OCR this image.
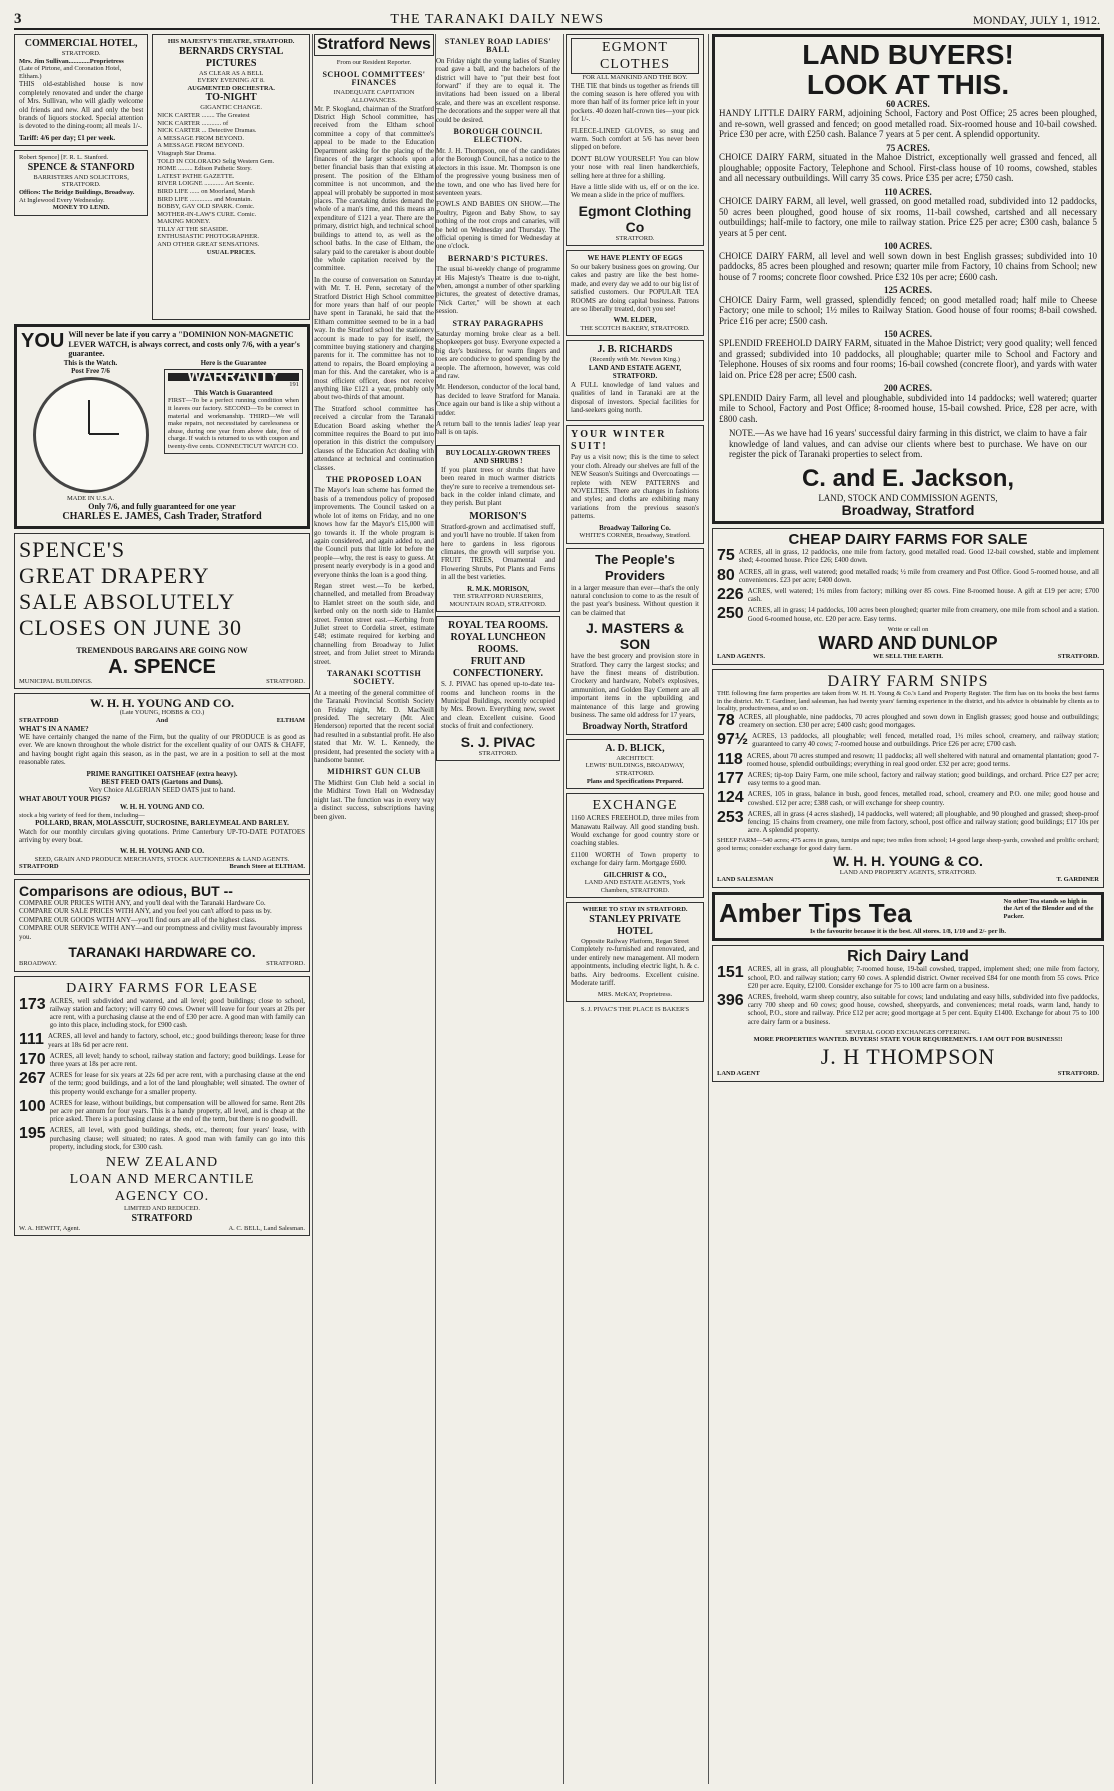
3	THE TARANAKI DAILY NEWS	MONDAY, JULY 1, 1912.
COMMERCIAL HOTEL,
STRATFORD.
Mrs. Jim Sullivan.............Proprietress
(Late of Pirtone, and Coronation Hotel, Eltham.)

THIS old-established house is now completely renovated and under the charge of Mrs. Sullivan, who will gladly welcome old friends and new. All and only the best brands of liquors stocked. Special attention is devoted to the dining-room; all meals 1/-.

Tariff: 4/6 per day; £1 per week.
Robert Spence] [F. R. L. Stanford.
SPENCE & STANFORD
BARRISTERS AND SOLICITORS, STRATFORD.
Offices: The Bridge Buildings, Broadway.
At Inglewood Every Wednesday.
MONEY TO LEND.
HIS MAJESTY'S THEATRE, STRATFORD.
BERNARDS CRYSTAL PICTURES
AS CLEAR AS A BELL
EVERY EVENING AT 8.
AUGMENTED ORCHESTRA.
TO-NIGHT
GIGANTIC CHANGE.
NICK CARTER ........ The Greatest
NICK CARTER ............ of
NICK CARTER ... Detective Dramas.
A MESSAGE FROM BEYOND.
A MESSAGE FROM BEYOND.
Vitagraph Star Drama.
TOLD IN COLORADO Selig Western Gem.
HOME ......... Edison Pathetic Story.
LATEST PATHE GAZETTE.
RIVER LOIGNE ............ Art Scenic.
BIRD LIFE ...... on Moorland, Marsh
BIRD LIFE .............. and Mountain.
BOBBY, GAY OLD SPARK. Comic.
MOTHER-IN-LAW'S CURE. Comic.
MAKING MONEY.
TILLY AT THE SEASIDE.
ENTHUSIASTIC PHOTOGRAPHER.
AND OTHER GREAT SENSATIONS.
USUAL PRICES.
YOU Will never be late if you carry a "DOMINION NON-MAGNETIC LEVER WATCH, is always correct, and costs only 7/6, with a year's guarantee.
This is the Watch.
Post Free 7/6
MADE IN U.S.A.
Here is the Guarantee
WARRANTY	191
This Watch is Guaranteed
FIRST—To be a perfect running condition when it leaves our factory. SECOND—To be correct in material and workmanship. THIRD—We will make repairs, not necessitated by carelessness or abuse, during one year from above date, free of charge. If watch is returned to us with coupon and twenty-five cents. CONNECTICUT WATCH CO.
Only 7/6, and fully guaranteed for one year
CHARLES E. JAMES, Cash Trader, Stratford
SPENCE'S
GREAT DRAPERY
SALE ABSOLUTELY
CLOSES ON JUNE 30
TREMENDOUS BARGAINS ARE GOING NOW
A. SPENCE
MUNICIPAL BUILDINGS.	STRATFORD.
W. H. H. YOUNG AND CO.
(Late YOUNG, HOBBS & CO.)
STRATFORD	And	ELTHAM
WHAT'S IN A NAME?

WE have certainly changed the name of the Firm, but the quality of our PRODUCE is as good as ever. We are known throughout the whole district for the excellent quality of our OATS & CHAFF, and having bought right again this season, as in the past, we are in a position to sell at the most reasonable rates.

PRIME RANGITIKEI OATSHEAF (extra heavy).
BEST FEED OATS (Gartons and Duns).
Very Choice ALGERIAN SEED OATS just to hand.
WHAT ABOUT YOUR PIGS?
W. H. H. YOUNG AND CO.
stock a big variety of feed for them, including—
POLLARD, BRAN, MOLASSCUIT, SUCROSINE, BARLEYMEAL AND BARLEY.

Watch for our monthly circulars giving quotations. Prime Canterbury UP-TO-DATE POTATOES arriving by every boat.

W. H. H. YOUNG AND CO.
SEED, GRAIN AND PRODUCE MERCHANTS, STOCK AUCTIONEERS & LAND AGENTS.
STRATFORD	Branch Store at ELTHAM.
Comparisons are odious, BUT --
COMPARE OUR PRICES WITH ANY, and you'll deal with the Taranaki Hardware Co.
COMPARE OUR SALE PRICES WITH ANY, and you feel you can't afford to pass us by.
COMPARE OUR GOODS WITH ANY—you'll find ours are all of the highest class.
COMPARE OUR SERVICE WITH ANY—and our promptness and civility must favourably impress you.
TARANAKI HARDWARE CO.
BROADWAY.	STRATFORD.
DAIRY FARMS FOR LEASE
173 ACRES, well subdivided and watered, and all level; good buildings; close to school, railway station and factory; will carry 60 cows. Owner will leave for four years at 20s per acre rent, with a purchasing clause at the end of £30 per acre. A good man with family can go into this place, including stock, for £900 cash.
111 ACRES, all level and handy to factory, school, etc.; good buildings thereon; lease for three years at 18s 6d per acre rent.
170 ACRES, all level; handy to school, railway station and factory; good buildings. Lease for three years at 18s per acre rent.
267 ACRES for lease for six years at 22s 6d per acre rent, with a purchasing clause at the end of the term; good buildings, and a lot of the land ploughable; well situated. The owner of this property would exchange for a smaller property.
100 ACRES for lease, without buildings, but compensation will be allowed for same. Rent 20s per acre per annum for four years. This is a handy property, all level, and is cheap at the price asked. There is a purchasing clause at the end of the term, but there is no goodwill.
195 ACRES, all level, with good buildings, sheds, etc., thereon; four years' lease, with purchasing clause; well situated; no rates. A good man with family can go into this property, including stock, for £300 cash.
NEW ZEALAND
LOAN AND MERCANTILE
AGENCY CO.
LIMITED AND REDUCED.
STRATFORD
W. A. HEWITT, Agent.	A. C. BELL, Land Salesman.
Stratford News
From our Resident Reporter.
SCHOOL COMMITTEES' FINANCES
INADEQUATE CAPITATION ALLOWANCES.

Mr. P. Skogland, chairman of the Stratford District High School committee, has received from the Eltham school committee a copy of that committee's appeal to be made to the Education Department asking for the placing of the finances of the larger schools upon a better financial basis than that existing at present. The position of the Eltham committee is not uncommon, and the appeal will probably be supported in most places. The caretaking duties demand the whole of a man's time, and this means an expenditure of £121 a year. There are the primary, district high, and technical school buildings to attend to, as well as the school baths. In the case of Eltham, the salary paid to the caretaker is about double the whole capitation received by the committee.

In the course of conversation on Saturday with Mr. T. H. Penn, secretary of the Stratford District High School committee for more years than half of our people have spent in Taranaki, he said that the Eltham committee seemed to be in a bad way. In the Stratford school the stationery account is made to pay for itself, the committee buying stationery and charging parents for it. The committee has not to attend to repairs, the Board employing a man for this. And the caretaker, who is a most efficient officer, does not receive anything like £121 a year, probably only about two-thirds of that amount.

The Stratford school committee has received a circular from the Taranaki Education Board asking whether the committee requires the Board to put into operation in this district the compulsory clauses of the Education Act dealing with attendance at technical and continuation classes.

THE PROPOSED LOAN

The Mayor's loan scheme has formed the basis of a tremendous policy of proposed improvements. The Council tasked on a whole lot of items on Friday, and no one knows how far the Mayor's £15,000 will go towards it. If the whole program is again considered, and again added to, and the Council puts that little lot before the people—why, the rest is easy to guess. At present nearly everybody is in a good and everyone thinks the loan is a good thing.

Regan street west.—To be kerbed, channelled, and metalled from Broadway to Hamlet street on the south side, and kerbed only on the north side to Hamlet street. Fenton street east.—Kerbing from Juliet street to Cordelia street, estimate £48; estimate required for kerbing and channelling from Broadway to Juliet street, and from Juliet street to Miranda street.

TARANAKI SCOTTISH SOCIETY.

At a meeting of the general committee of the Taranaki Provincial Scottish Society on Friday night, Mr. D. MacNeill presided. The secretary (Mr. Alec Henderson) reported that the recent social had resulted in a substantial profit. He also stated that Mr. W. L. Kennedy, the president, had presented the society with a handsome banner.

MIDHIRST GUN CLUB

The Midhirst Gun Club held a social in the Midhirst Town Hall on Wednesday night last. The function was in every way a distinct success, subscriptions having been given.

STANLEY ROAD LADIES' BALL

On Friday night the young ladies of Stanley road gave a ball, and the bachelors of the district will have to "put their best foot forward" if they are to equal it. The invitations had been issued on a liberal scale, and there was an excellent response. The decorations and the supper were all that could be desired.

BOROUGH COUNCIL ELECTION.

Mr. J. H. Thompson, one of the candidates for the Borough Council, has a notice to the electors in this issue. Mr. Thompson is one of the progressive young business men of the town, and one who has lived here for seventeen years.

FOWLS AND BABIES ON SHOW.—The Poultry, Pigeon and Baby Show, to say nothing of the root crops and canaries, will be held on Wednesday and Thursday. The official opening is timed for Wednesday at one o'clock.

BERNARD'S PICTURES.

The usual bi-weekly change of programme at His Majesty's Theatre is due to-night, when, amongst a number of other sparkling pictures, the greatest of detective dramas, "Nick Carter," will be shown at each session.

STRAY PARAGRAPHS

Saturday morning broke clear as a bell. Shopkeepers got busy. Everyone expected a big day's business, for warm fingers and toes are conducive to good spending by the people. The afternoon, however, was cold and raw.

Mr. Henderson, conductor of the local band, has decided to leave Stratford for Manaia. Once again our band is like a ship without a rudder.

A return ball to the tennis ladies' leap year ball is on tapis.

BUY LOCALLY-GROWN TREES AND SHRUBS !

If you plant trees or shrubs that have been reared in much warmer districts they're sure to receive a tremendous set-back in the colder inland climate, and they perish. But plant

MORISON'S

Stratford-grown and acclimatised stuff, and you'll have no trouble. If taken from here to gardens in less rigorous climates, the growth will surprise you. FRUIT TREES, Ornamental and Flowering Shrubs, Pot Plants and Ferns in all the best varieties.

R. M.K. MORISON,
THE STRATFORD NURSERIES, MOUNTAIN ROAD, STRATFORD.
ROYAL TEA ROOMS.
ROYAL LUNCHEON ROOMS.
FRUIT AND CONFECTIONERY.

S. J. PIVAC has opened up-to-date tea-rooms and luncheon rooms in the Municipal Buildings, recently occupied by Mrs. Brown. Everything new, sweet and clean. Excellent cuisine. Good stocks of fruit and confectionery.

S. J. PIVAC
STRATFORD.
EGMONT CLOTHES
FOR ALL MANKIND AND THE BOY.

THE TIE that binds us together as friends till the coming season is here offered you with more than half of its former price left in your pockets. 40 dozen half-crown ties—your pick for 1/-.

FLEECE-LINED GLOVES, so snug and warm. Such comfort at 5/6 has never been slipped on before.

DON'T BLOW YOURSELF! You can blow your nose with real linen handkerchiefs, selling here at three for a shilling.

Have a little slide with us, elf or on the ice. We mean a slide in the price of mufflers.

Egmont Clothing Co
STRATFORD.
WE HAVE PLENTY OF EGGS

So our bakery business goes on growing. Our cakes and pastry are like the best home-made, and every day we add to our big list of satisfied customers. Our POPULAR TEA ROOMS are doing capital business. Patrons are so liberally treated, don't you see!

WM. ELDER,
THE SCOTCH BAKERY, STRATFORD.
J. B. RICHARDS
(Recently with Mr. Newton King.)
LAND AND ESTATE AGENT, STRATFORD.

A FULL knowledge of land values and qualities of land in Taranaki are at the disposal of investors. Special facilities for land-seekers going north.

YOUR WINTER SUIT!

Pay us a visit now; this is the time to select your cloth. Already our shelves are full of the NEW Season's Suitings and Overcoatings —replete with NEW PATTERNS and NOVELTIES. There are changes in fashions and styles; and cloths are exhibiting many variations from the previous season's patterns.

Broadway Tailoring Co.
WHITE'S CORNER, Broadway, Stratford.
The People's Providers

in a larger measure than ever—that's the only natural conclusion to come to as the result of the past year's business. Without question it can be claimed that

J. MASTERS & SON

have the best grocery and provision store in Stratford. They carry the largest stocks; and have the finest means of distribution. Crockery and hardware, Nobel's explosives, ammunition, and Golden Bay Cement are all important items in the upbuilding and maintenance of this large and growing business. The same old address for 17 years,

Broadway North, Stratford
A. D. BLICK,
ARCHITECT.
LEWIS' BUILDINGS, BROADWAY, STRATFORD.
Plans and Specifications Prepared.
EXCHANGE

1160 ACRES FREEHOLD, three miles from Manawatu Railway. All good standing bush. Would exchange for good country store or coaching stables.

£1100 WORTH of Town property to exchange for dairy farm. Mortgage £600.

GILCHRIST & CO.,
LAND AND ESTATE AGENTS, York Chambers, STRATFORD.
WHERE TO STAY IN STRATFORD.
STANLEY PRIVATE HOTEL
Opposite Railway Platform, Regan Street

Completely re-furnished and renovated, and under entirely new management. All modern appointments, including electric light, h. & c. baths. Airy bedrooms. Excellent cuisine. Moderate tariff.

MRS. McKAY, Proprietress.
S. J. PIVAC'S THE PLACE IS BAKER'S
LAND BUYERS!
LOOK AT THIS.
60 ACRES.
HANDY LITTLE DAIRY FARM, adjoining School, Factory and Post Office; 25 acres been ploughed, and re-sown, well grassed and fenced; on good metalled road. Six-roomed house and 10-bail cowshed. Price £30 per acre, with £250 cash. Balance 7 years at 5 per cent. A splendid opportunity.
75 ACRES.
CHOICE DAIRY FARM, situated in the Mahoe District, exceptionally well grassed and fenced, all ploughable; opposite Factory, Telephone and School. First-class house of 10 rooms, cowshed, stables and all necessary outbuildings. Will carry 35 cows. Price £35 per acre; £750 cash.
110 ACRES.
CHOICE DAIRY FARM, all level, well grassed, on good metalled road, subdivided into 12 paddocks, 50 acres been ploughed, good house of six rooms, 11-bail cowshed, cartshed and all necessary outbuildings; half-mile to factory, one mile to railway station. Price £25 per acre; £300 cash, balance 5 years at 5 per cent.
100 ACRES.
CHOICE DAIRY FARM, all level and well sown down in best English grasses; subdivided into 10 paddocks, 85 acres been ploughed and resown; quarter mile from Factory, 10 chains from School; new house of 7 rooms; concrete floor cowshed. Price £32 10s per acre; £600 cash.
125 ACRES.
CHOICE Dairy Farm, well grassed, splendidly fenced; on good metalled road; half mile to Cheese Factory; one mile to school; 1½ miles to Railway Station. Good house of four rooms; 8-bail cowshed. Price £16 per acre; £500 cash.
150 ACRES.
SPLENDID FREEHOLD DAIRY FARM, situated in the Mahoe District; very good quality; well fenced and grassed; subdivided into 10 paddocks, all ploughable; quarter mile to School and Factory and Telephone. Houses of six rooms and four rooms; 16-bail cowshed (concrete floor), and yards with water laid on. Price £28 per acre; £500 cash.
200 ACRES.
SPLENDID Dairy Farm, all level and ploughable, subdivided into 14 paddocks; well watered; quarter mile to School, Factory and Post Office; 8-roomed house, 15-bail cowshed. Price, £28 per acre, with £800 cash.
NOTE.—As we have had 16 years' successful dairy farming in this district, we claim to have a fair knowledge of land values, and can advise our clients where best to purchase. We have on our register the pick of Taranaki properties to select from.
C. and E. Jackson,
LAND, STOCK AND COMMISSION AGENTS,
Broadway, Stratford
CHEAP DAIRY FARMS FOR SALE
75 ACRES, all in grass, 12 paddocks, one mile from factory, good metalled road. Good 12-bail cowshed, stable and implement shed; 4-roomed house. Price £26; £400 down.
80 ACRES, all in grass, well watered; good metalled roads; ½ mile from creamery and Post Office. Good 5-roomed house, and all conveniences. £23 per acre; £400 down.
226 ACRES, well watered; 1½ miles from factory; milking over 85 cows. Fine 8-roomed house. A gift at £19 per acre; £700 cash.
250 ACRES, all in grass; 14 paddocks, 100 acres been ploughed; quarter mile from creamery, one mile from school and a station. Good 6-roomed house, etc. £20 per acre. Easy terms.
Write or call on
WARD AND DUNLOP
LAND AGENTS.	WE SELL THE EARTH.	STRATFORD.
DAIRY FARM SNIPS
THE following fine farm properties are taken from W. H. H. Young & Co.'s Land and Property Register. The firm has on its books the best farms in the district. Mr. T. Gardiner, land salesman, has had twenty years' farming experience in the district, and his advice is obtainable by clients as to locality, productiveness, and so on.
78 ACRES, all ploughable, nine paddocks, 70 acres ploughed and sown down in English grasses; good house and outbuildings; creamery on section. £30 per acre; £400 cash; good mortgages.
97½ ACRES, 13 paddocks, all ploughable; well fenced, metalled road, 1½ miles school, creamery, and railway station; guaranteed to carry 40 cows; 7-roomed house and outbuildings. Price £26 per acre; £700 cash.
118 ACRES, about 70 acres stumped and resown; 11 paddocks; all well sheltered with natural and ornamental plantation; good 7-roomed house, splendid outbuildings; everything in real good order. £32 per acre; good terms.
177 ACRES; tip-top Dairy Farm, one mile school, factory and railway station; good buildings, and orchard. Price £27 per acre; easy terms to a good man.
124 ACRES, 105 in grass, balance in bush, good fences, metalled road, school, creamery and P.O. one mile; good house and cowshed. £12 per acre; £388 cash, or will exchange for sheep country.
253 ACRES, all in grass (4 acres slashed), 14 paddocks, well watered; all ploughable, and 90 ploughed and grassed; sheep-proof fencing; 15 chains from creamery, one mile from factory, school, post office and railway station; good buildings; £17 10s per acre. A splendid property.
SHEEP FARM—540 acres; 475 acres in grass, turnips and rape; two miles from school; 14 good large sheep-yards, cowshed and prolific orchard; good terms; consider exchange for good dairy farm.
W. H. H. YOUNG & CO.
LAND AND PROPERTY AGENTS, STRATFORD.
LAND SALESMAN	T. GARDINER
Amber Tips Tea	No other Tea stands so high in the Art of the Blender and of the Packer.
Is the favourite because it is the best. All stores. 1/8, 1/10 and 2/- per lb.
Rich Dairy Land
151 ACRES, all in grass, all ploughable; 7-roomed house, 19-bail cowshed, trapped, implement shed; one mile from factory, school, P.O. and railway station; carry 60 cows. A splendid district. Owner received £84 for one month from 55 cows. Price £20 per acre. Equity, £2100. Consider exchange for 75 to 100 acre farm on a business.
396 ACRES, freehold, warm sheep country, also suitable for cows; land undulating and easy hills, subdivided into five paddocks, carry 700 sheep and 60 cows; good house, cowshed, sheepyards, and conveniences; metal roads, warm land, handy to school, P.O., store and railway. Price £12 per acre; good mortgage at 5 per cent. Equity £1400. Exchange for about 75 to 100 acre dairy farm or a business.
SEVERAL GOOD EXCHANGES OFFERING.
MORE PROPERTIES WANTED. BUYERS! STATE YOUR REQUIREMENTS. I AM OUT FOR BUSINESS!!
J. H THOMPSON
LAND AGENT	STRATFORD.
